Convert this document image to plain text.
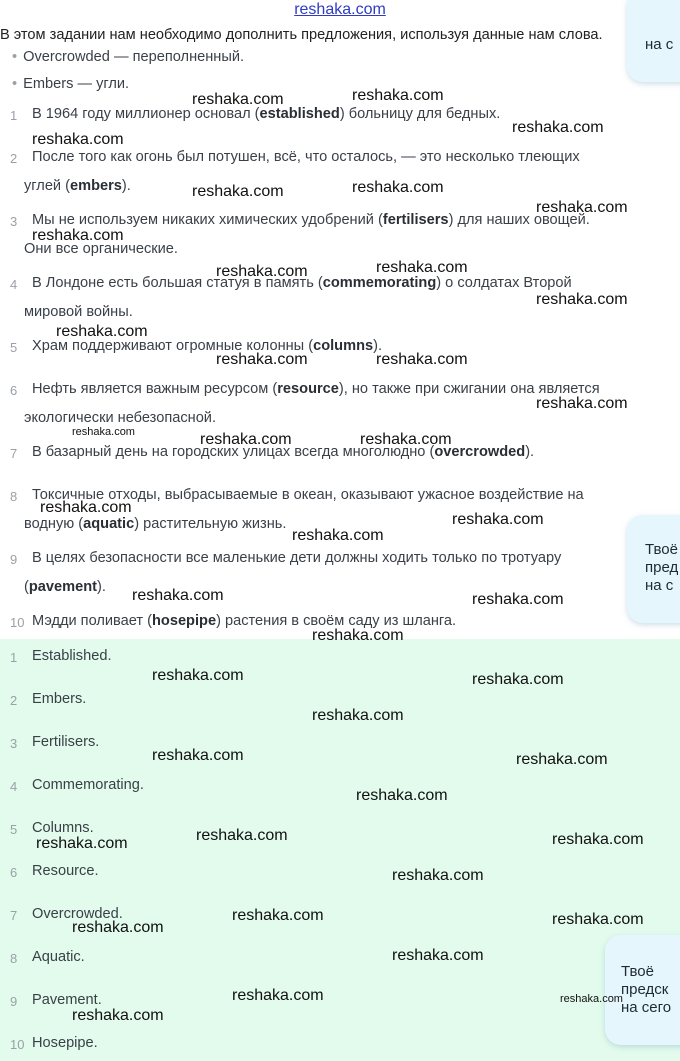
reshaka.com
В этом задании нам необходимо дополнить предложения, используя данные нам слова.
• Overcrowded — переполненный.
• Embers — угли.
1 В 1964 году миллионер основал (established) больницу для бедных.
2 После того как огонь был потушен, всё, что осталось, — это несколько тлеющих
углей (embers).
3 Мы не используем никаких химических удобрений (fertilisers) для наших овощей.
Они все органические.
4 В Лондоне есть большая статуя в память (commemorating) о солдатах Второй
мировой войны.
5 Храм поддерживают огромные колонны (columns).
6 Нефть является важным ресурсом (resource), но также при сжигании она является
экологически небезопасной.
7 В базарный день на городских улицах всегда многолюдно (overcrowded).
8 Токсичные отходы, выбрасываемые в океан, оказывают ужасное воздействие на
водную (aquatic) растительную жизнь.
9 В целях безопасности все маленькие дети должны ходить только по тротуару
(pavement).
10 Мэдди поливает (hosepipe) растения в своём саду из шланга.
1 Established.
2 Embers.
3 Fertilisers.
4 Commemorating.
5 Columns.
6 Resource.
7 Overcrowded.
8 Aquatic.
9 Pavement.
10 Hosepipe.
на с
Твоё
пред
на с
Твоё
предск
на сего
reshaka.com	reshaka.com
reshaka.com
reshaka.com
reshaka.com	reshaka.com
reshaka.com
reshaka.com
reshaka.com	reshaka.com
reshaka.com
reshaka.com
reshaka.com	reshaka.com
reshaka.com
reshaka.com	reshaka.com
reshaka.com
reshaka.com
reshaka.com
reshaka.com	reshaka.com
reshaka.com
reshaka.com	reshaka.com
reshaka.com
reshaka.com	reshaka.com
reshaka.com
reshaka.com
reshaka.com	reshaka.com
reshaka.com
reshaka.com
reshaka.com	reshaka.com
reshaka.com
reshaka.com
reshaka.com
reshaka.com
reshaka.com
